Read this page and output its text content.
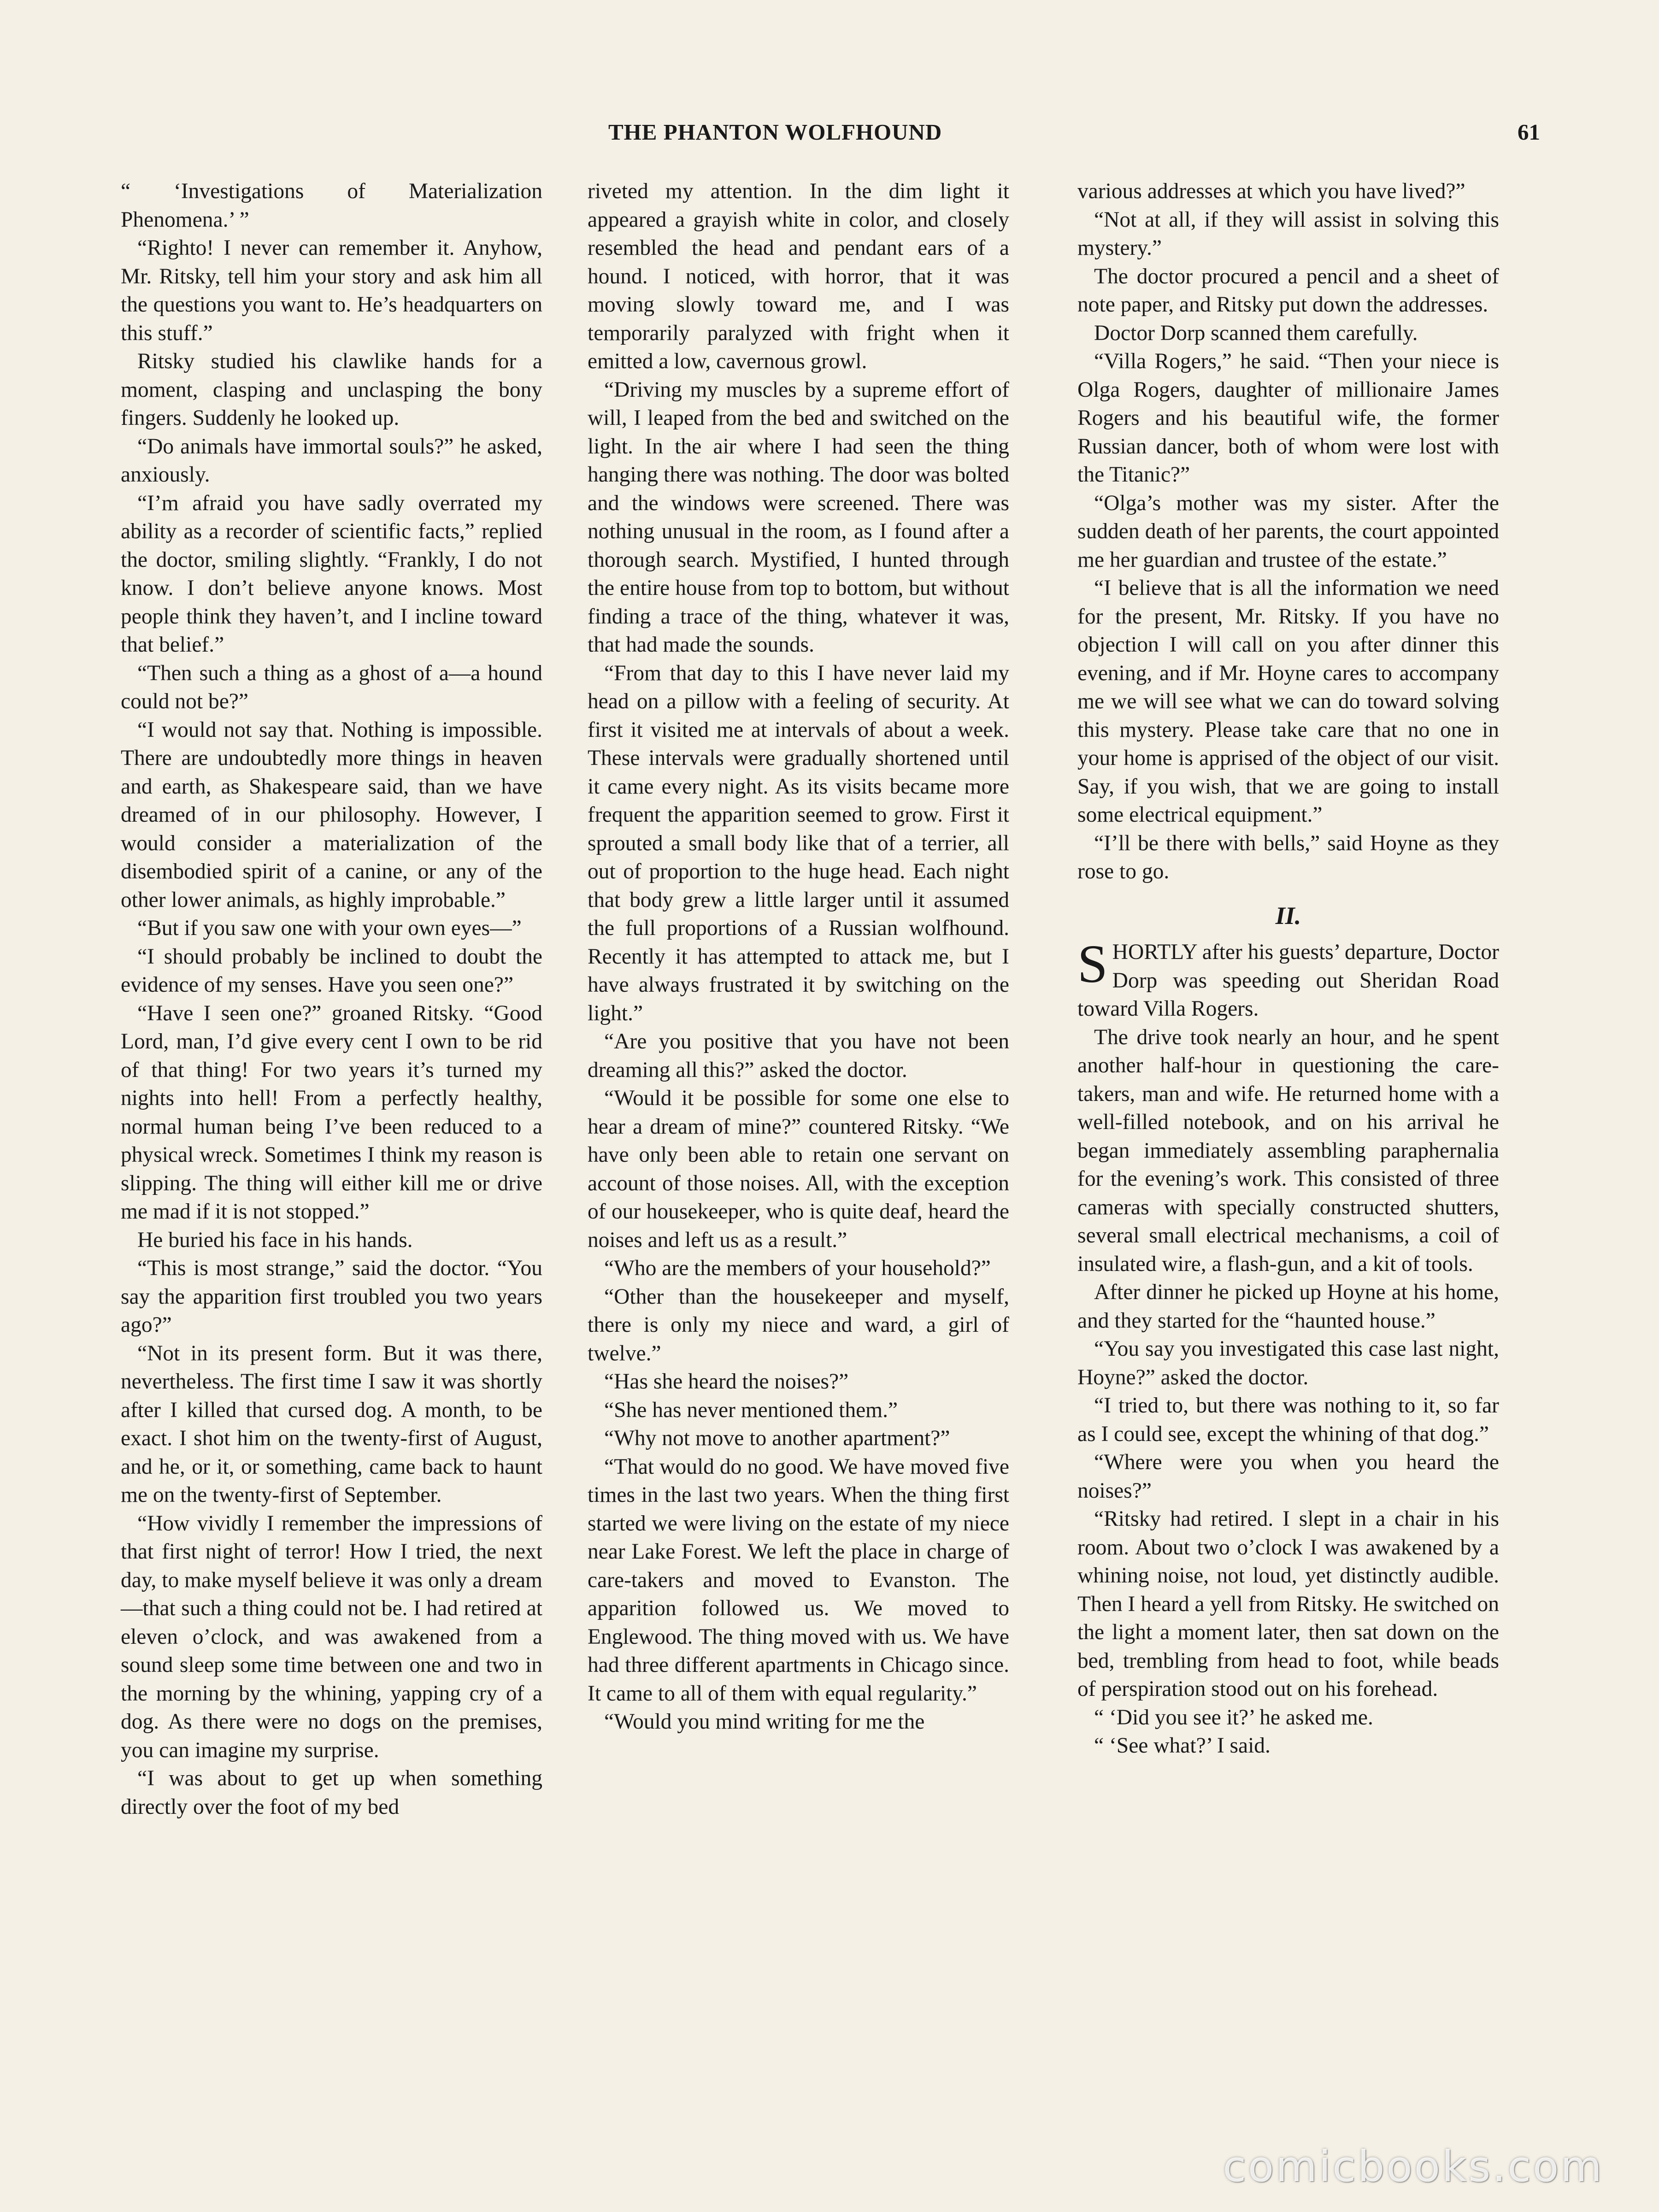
THE PHANTON WOLFHOUND	61

“ ‘Investigations of Materialization Phenomena.’ ”

“Righto! I never can remember it. Anyhow, Mr. Ritsky, tell him your story and ask him all the questions you want to. He’s headquarters on this stuff.”

Ritsky studied his clawlike hands for a moment, clasping and unclasping the bony fingers. Suddenly he looked up.

“Do animals have immortal souls?” he asked, anxiously.

“I’m afraid you have sadly overrated my ability as a recorder of scientific facts,” replied the doctor, smiling slightly. “Frankly, I do not know. I don’t believe anyone knows. Most people think they haven’t, and I incline toward that belief.”

“Then such a thing as a ghost of a—a hound could not be?”

“I would not say that. Nothing is impossible. There are undoubtedly more things in heaven and earth, as Shakespeare said, than we have dreamed of in our philosophy. However, I would consider a materialization of the disembodied spirit of a canine, or any of the other lower animals, as highly improbable.”

“But if you saw one with your own eyes—”

“I should probably be inclined to doubt the evidence of my senses. Have you seen one?”

“Have I seen one?” groaned Ritsky. “Good Lord, man, I’d give every cent I own to be rid of that thing! For two years it’s turned my nights into hell! From a perfectly healthy, normal human being I’ve been reduced to a physical wreck. Sometimes I think my reason is slipping. The thing will either kill me or drive me mad if it is not stopped.”

He buried his face in his hands.

“This is most strange,” said the doctor. “You say the apparition first troubled you two years ago?”

“Not in its present form. But it was there, nevertheless. The first time I saw it was shortly after I killed that cursed dog. A month, to be exact. I shot him on the twenty-first of August, and he, or it, or something, came back to haunt me on the twenty-first of September.

“How vividly I remember the impressions of that first night of terror! How I tried, the next day, to make myself believe it was only a dream—that such a thing could not be. I had retired at eleven o’clock, and was awakened from a sound sleep some time between one and two in the morning by the whining, yapping cry of a dog. As there were no dogs on the premises, you can imagine my surprise.

“I was about to get up when something directly over the foot of my bed

riveted my attention. In the dim light it appeared a grayish white in color, and closely resembled the head and pendant ears of a hound. I noticed, with horror, that it was moving slowly toward me, and I was temporarily paralyzed with fright when it emitted a low, cavernous growl.

“Driving my muscles by a supreme effort of will, I leaped from the bed and switched on the light. In the air where I had seen the thing hanging there was nothing. The door was bolted and the windows were screened. There was nothing unusual in the room, as I found after a thorough search. Mystified, I hunted through the entire house from top to bottom, but without finding a trace of the thing, whatever it was, that had made the sounds.

“From that day to this I have never laid my head on a pillow with a feeling of security. At first it visited me at intervals of about a week. These intervals were gradually shortened until it came every night. As its visits became more frequent the apparition seemed to grow. First it sprouted a small body like that of a terrier, all out of proportion to the huge head. Each night that body grew a little larger until it assumed the full proportions of a Russian wolfhound. Recently it has attempted to attack me, but I have always frustrated it by switching on the light.”

“Are you positive that you have not been dreaming all this?” asked the doctor.

“Would it be possible for some one else to hear a dream of mine?” countered Ritsky. “We have only been able to retain one servant on account of those noises. All, with the exception of our housekeeper, who is quite deaf, heard the noises and left us as a result.”

“Who are the members of your household?”

“Other than the housekeeper and myself, there is only my niece and ward, a girl of twelve.”

“Has she heard the noises?”

“She has never mentioned them.”

“Why not move to another apartment?”

“That would do no good. We have moved five times in the last two years. When the thing first started we were living on the estate of my niece near Lake Forest. We left the place in charge of care-takers and moved to Evanston. The apparition followed us. We moved to Englewood. The thing moved with us. We have had three different apartments in Chicago since. It came to all of them with equal regularity.”

“Would you mind writing for me the

various addresses at which you have lived?”

“Not at all, if they will assist in solving this mystery.”

The doctor procured a pencil and a sheet of note paper, and Ritsky put down the addresses.

Doctor Dorp scanned them carefully.

“Villa Rogers,” he said. “Then your niece is Olga Rogers, daughter of millionaire James Rogers and his beautiful wife, the former Russian dancer, both of whom were lost with the Titanic?”

“Olga’s mother was my sister. After the sudden death of her parents, the court appointed me her guardian and trustee of the estate.”

“I believe that is all the information we need for the present, Mr. Ritsky. If you have no objection I will call on you after dinner this evening, and if Mr. Hoyne cares to accompany me we will see what we can do toward solving this mystery. Please take care that no one in your home is apprised of the object of our visit. Say, if you wish, that we are going to install some electrical equipment.”

“I’ll be there with bells,” said Hoyne as they rose to go.

II.

SHORTLY after his guests’ departure, Doctor Dorp was speeding out Sheridan Road toward Villa Rogers.

The drive took nearly an hour, and he spent another half-hour in questioning the care-takers, man and wife. He returned home with a well-filled notebook, and on his arrival he began immediately assembling paraphernalia for the evening’s work. This consisted of three cameras with specially constructed shutters, several small electrical mechanisms, a coil of insulated wire, a flash-gun, and a kit of tools.

After dinner he picked up Hoyne at his home, and they started for the “haunted house.”

“You say you investigated this case last night, Hoyne?” asked the doctor.

“I tried to, but there was nothing to it, so far as I could see, except the whining of that dog.”

“Where were you when you heard the noises?”

“Ritsky had retired. I slept in a chair in his room. About two o’clock I was awakened by a whining noise, not loud, yet distinctly audible. Then I heard a yell from Ritsky. He switched on the light a moment later, then sat down on the bed, trembling from head to foot, while beads of perspiration stood out on his forehead.

“ ‘Did you see it?’ he asked me.

“ ‘See what?’ I said.

comicbooks.com
